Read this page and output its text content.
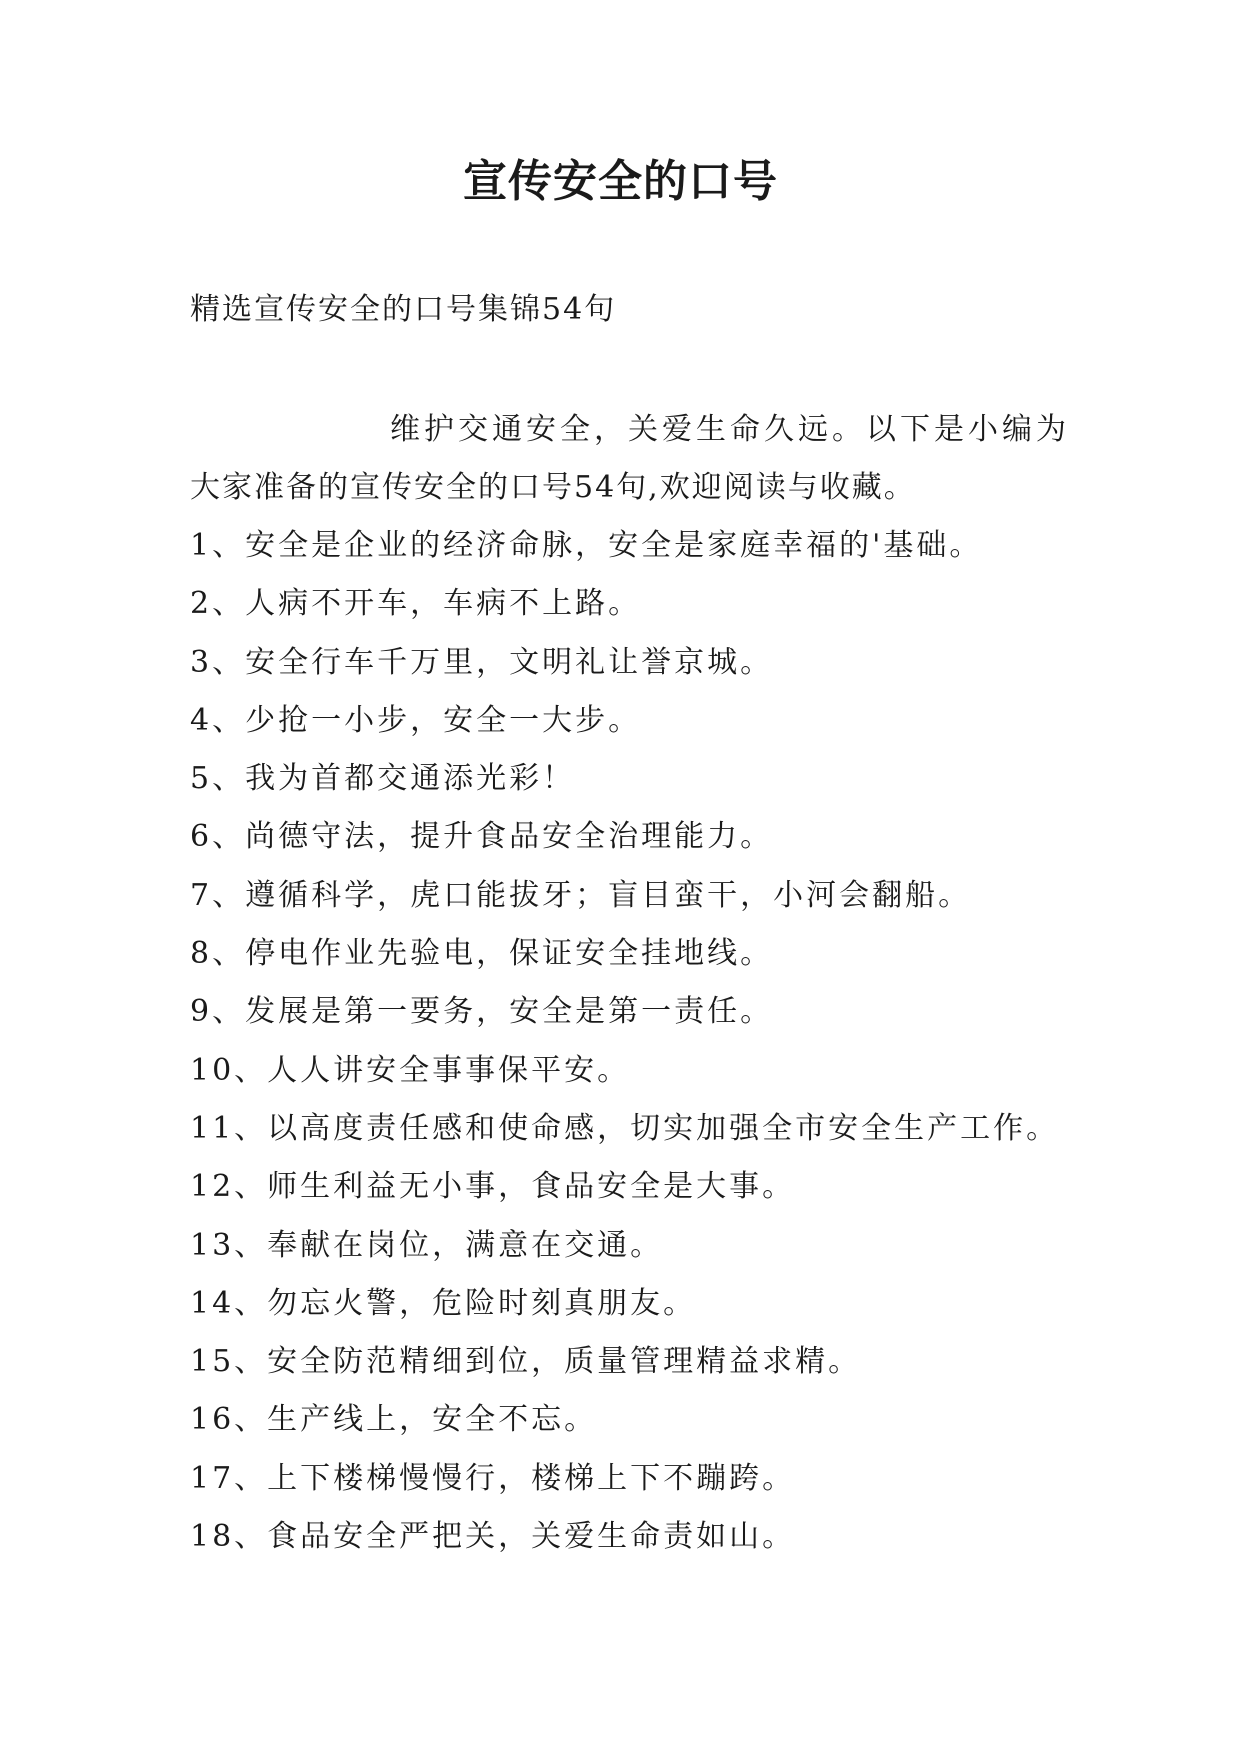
宣传安全的口号
精选宣传安全的口号集锦54句
维护交通安全，关爱生命久远。以下是小编为
大家准备的宣传安全的口号54句,欢迎阅读与收藏。
1、安全是企业的经济命脉，安全是家庭幸福的'基础。
2、人病不开车，车病不上路。
3、安全行车千万里，文明礼让誉京城。
4、少抢一小步，安全一大步。
5、我为首都交通添光彩！
6、尚德守法，提升食品安全治理能力。
7、遵循科学，虎口能拔牙；盲目蛮干，小河会翻船。
8、停电作业先验电，保证安全挂地线。
9、发展是第一要务，安全是第一责任。
10、人人讲安全事事保平安。
11、以高度责任感和使命感，切实加强全市安全生产工作。
12、师生利益无小事，食品安全是大事。
13、奉献在岗位，满意在交通。
14、勿忘火警，危险时刻真朋友。
15、安全防范精细到位，质量管理精益求精。
16、生产线上，安全不忘。
17、上下楼梯慢慢行，楼梯上下不蹦跨。
18、食品安全严把关，关爱生命责如山。
